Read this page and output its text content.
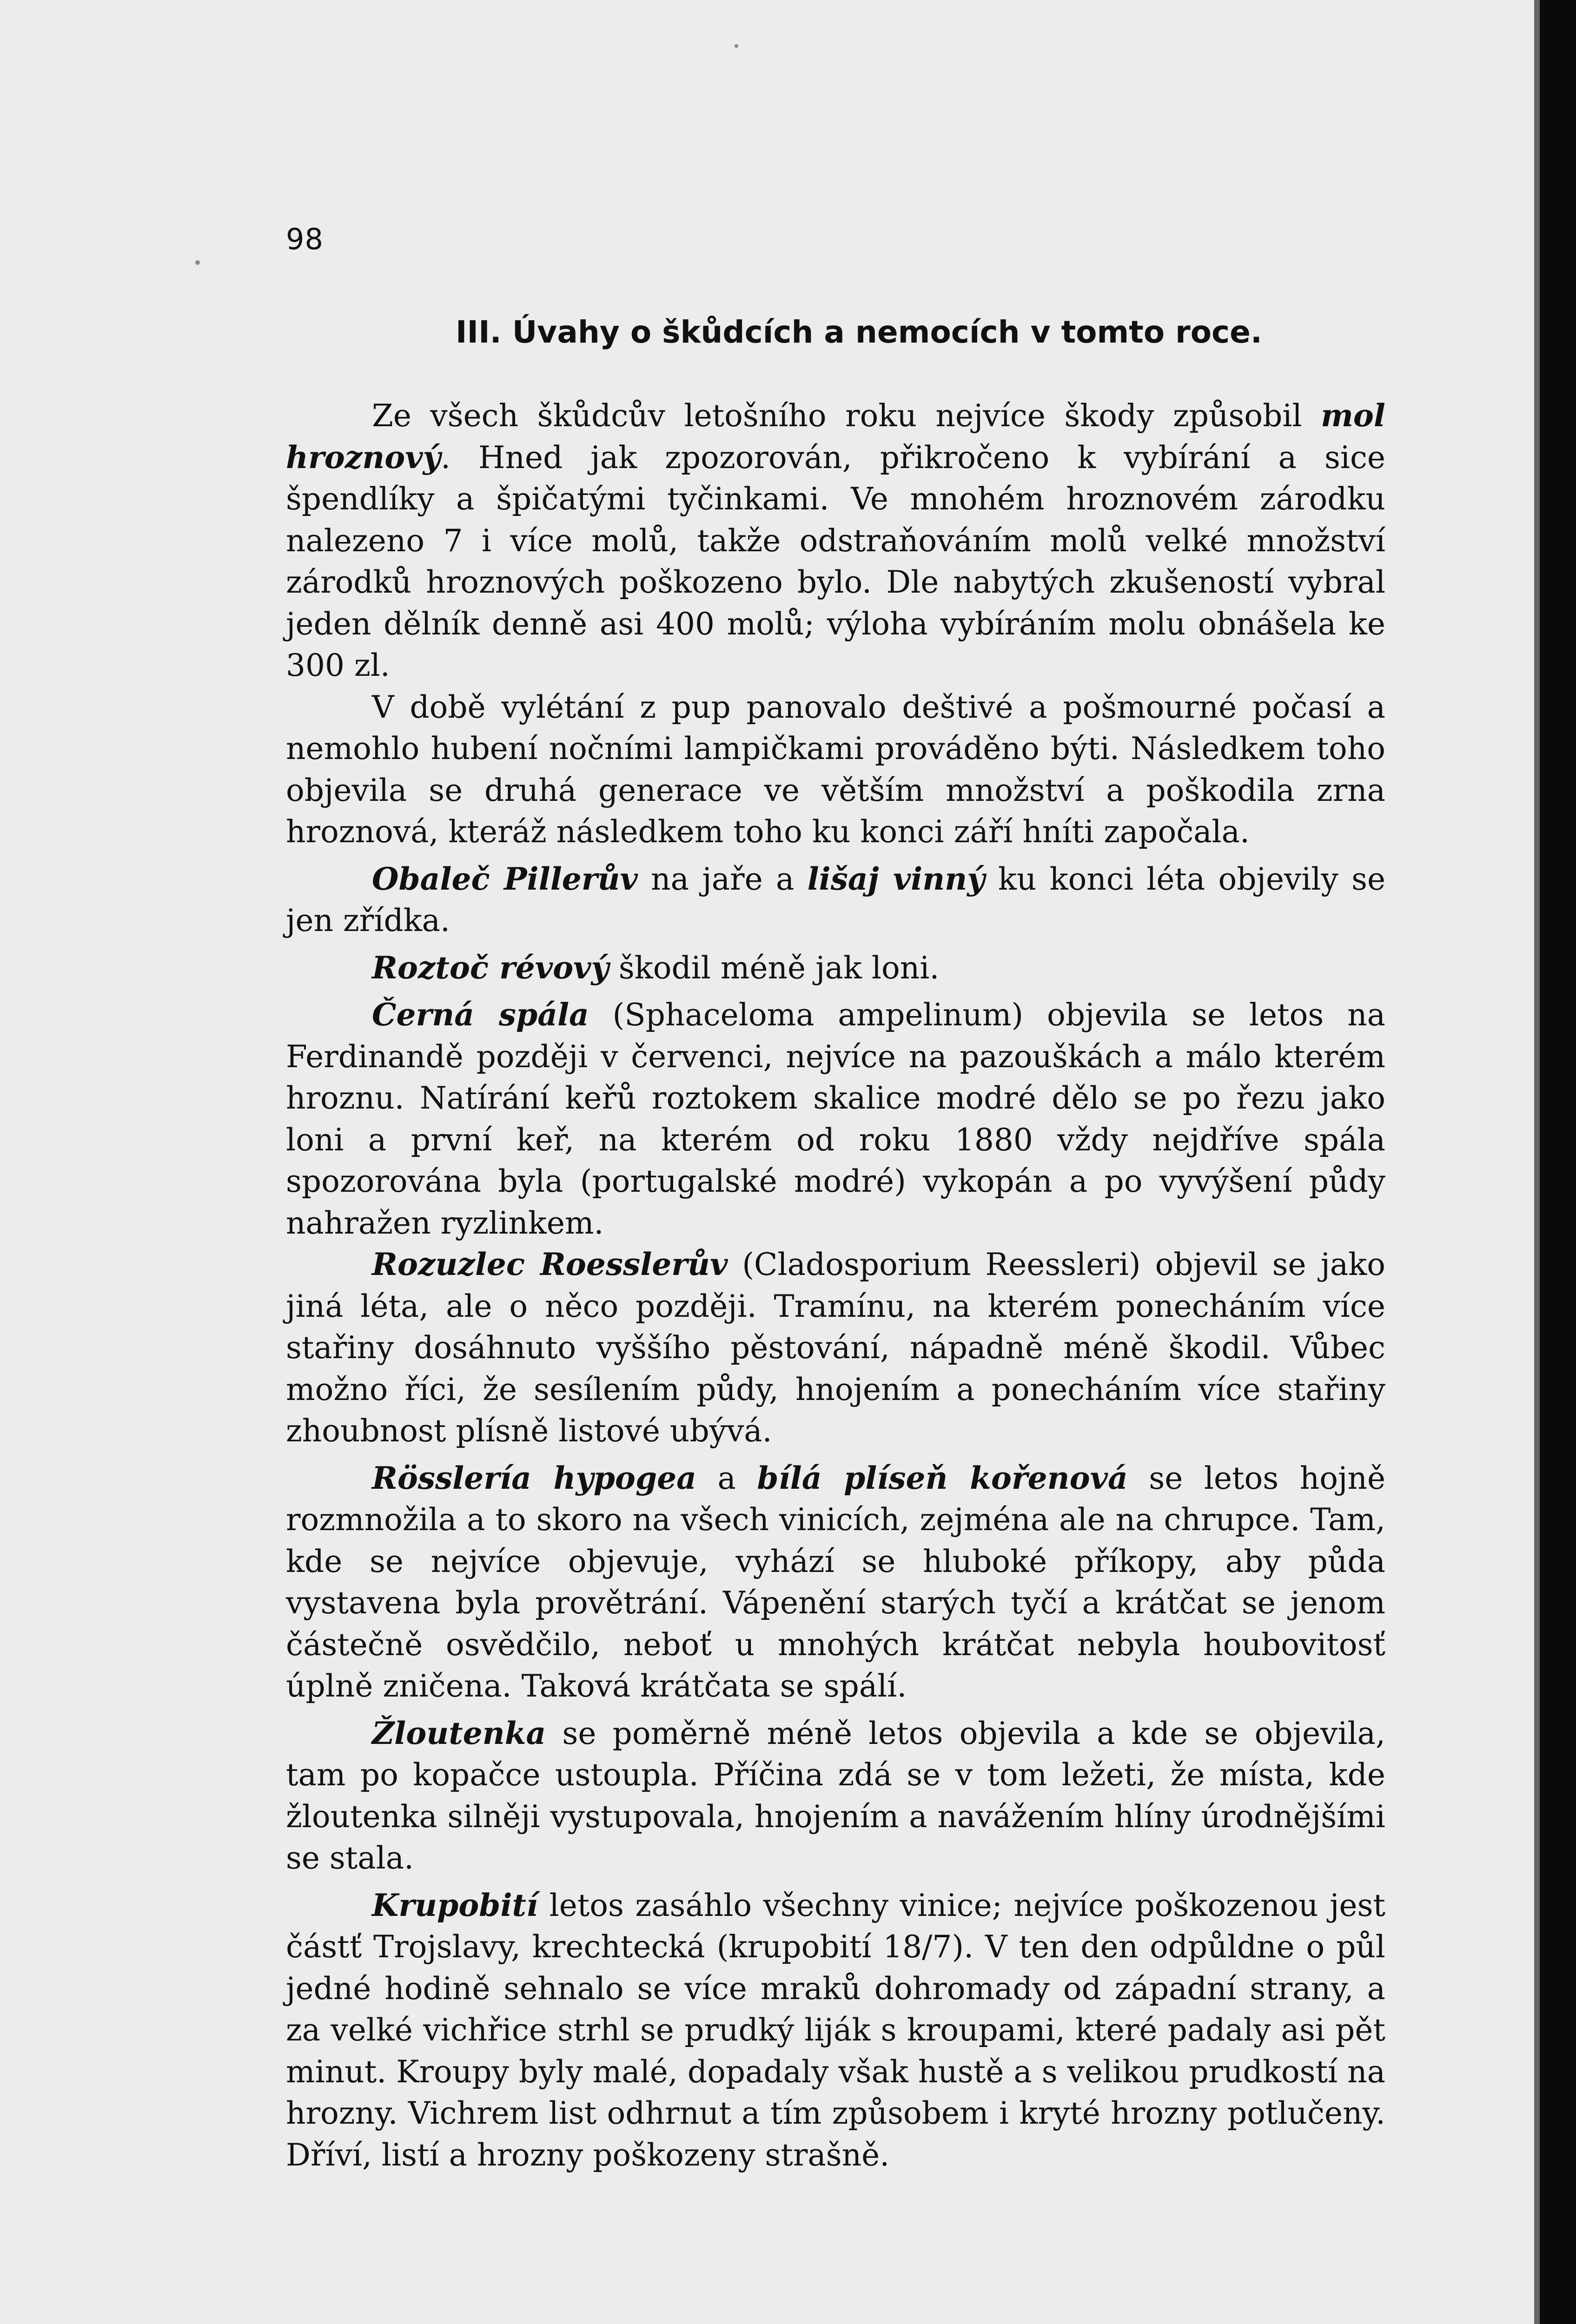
98
III. Úvahy o škůdcích a nemocích v tomto roce.

Ze všech škůdcův letošního roku nejvíce škody způsobil mol hroznový. Hned jak zpozorován, přikročeno k vybírání a sice špendlíky a špičatými tyčinkami. Ve mnohém hroznovém zárodku nalezeno 7 i více molů, takže odstraňováním molů velké množství zárodků hroznových poškozeno bylo. Dle nabytých zkušeností vybral jeden dělník denně asi 400 molů; výloha vybíráním molu obnášela ke 300 zl.

V době vylétání z pup panovalo deštivé a pošmourné počasí a nemohlo hubení nočními lampičkami prováděno býti. Následkem toho objevila se druhá generace ve větším množství a poškodila zrna hroznová, kteráž následkem toho ku konci září hníti započala.

Obaleč Pillerův na jaře a lišaj vinný ku konci léta objevily se jen zřídka.

Roztoč révový škodil méně jak loni.

Černá spála (Sphaceloma ampelinum) objevila se letos na Ferdinandě později v červenci, nejvíce na pazouškách a málo kterém hroznu. Natírání keřů roztokem skalice modré dělo se po řezu jako loni a první keř, na kterém od roku 1880 vždy nejdříve spála spozorována byla (portugalské modré) vykopán a po vyvýšení půdy nahražen ryzlinkem.

Rozuzlec Roesslerův (Cladosporium Reessleri) objevil se jako jiná léta, ale o něco později. Tramínu, na kterém ponecháním více stařiny dosáhnuto vyššího pěstování, nápadně méně škodil. Vůbec možno říci, že sesílením půdy, hnojením a ponecháním více stařiny zhoubnost plísně listové ubývá.

Rösslería hypogea a bílá plíseň kořenová se letos hojně rozmnožila a to skoro na všech vinicích, zejména ale na chrupce. Tam, kde se nejvíce objevuje, vyhází se hluboké příkopy, aby půda vystavena byla provětrání. Vápenění starých tyčí a krátčat se jenom částečně osvědčilo, neboť u mnohých krátčat nebyla houbovitosť úplně zničena. Taková krátčata se spálí.

Žloutenka se poměrně méně letos objevila a kde se objevila, tam po kopačce ustoupla. Příčina zdá se v tom ležeti, že místa, kde žloutenka silněji vystupovala, hnojením a navážením hlíny úrodnějšími se stala.

Krupobití letos zasáhlo všechny vinice; nejvíce poškozenou jest částť Trojslavy, krechtecká (krupobití 18/7). V ten den odpůldne o půl jedné hodině sehnalo se více mraků dohromady od západní strany, a za velké vichřice strhl se prudký liják s kroupami, které padaly asi pět minut. Kroupy byly malé, dopadaly však hustě a s velikou prudkostí na hrozny. Vichrem list odhrnut a tím způsobem i kryté hrozny potlučeny. Dříví, listí a hrozny poškozeny strašně.
